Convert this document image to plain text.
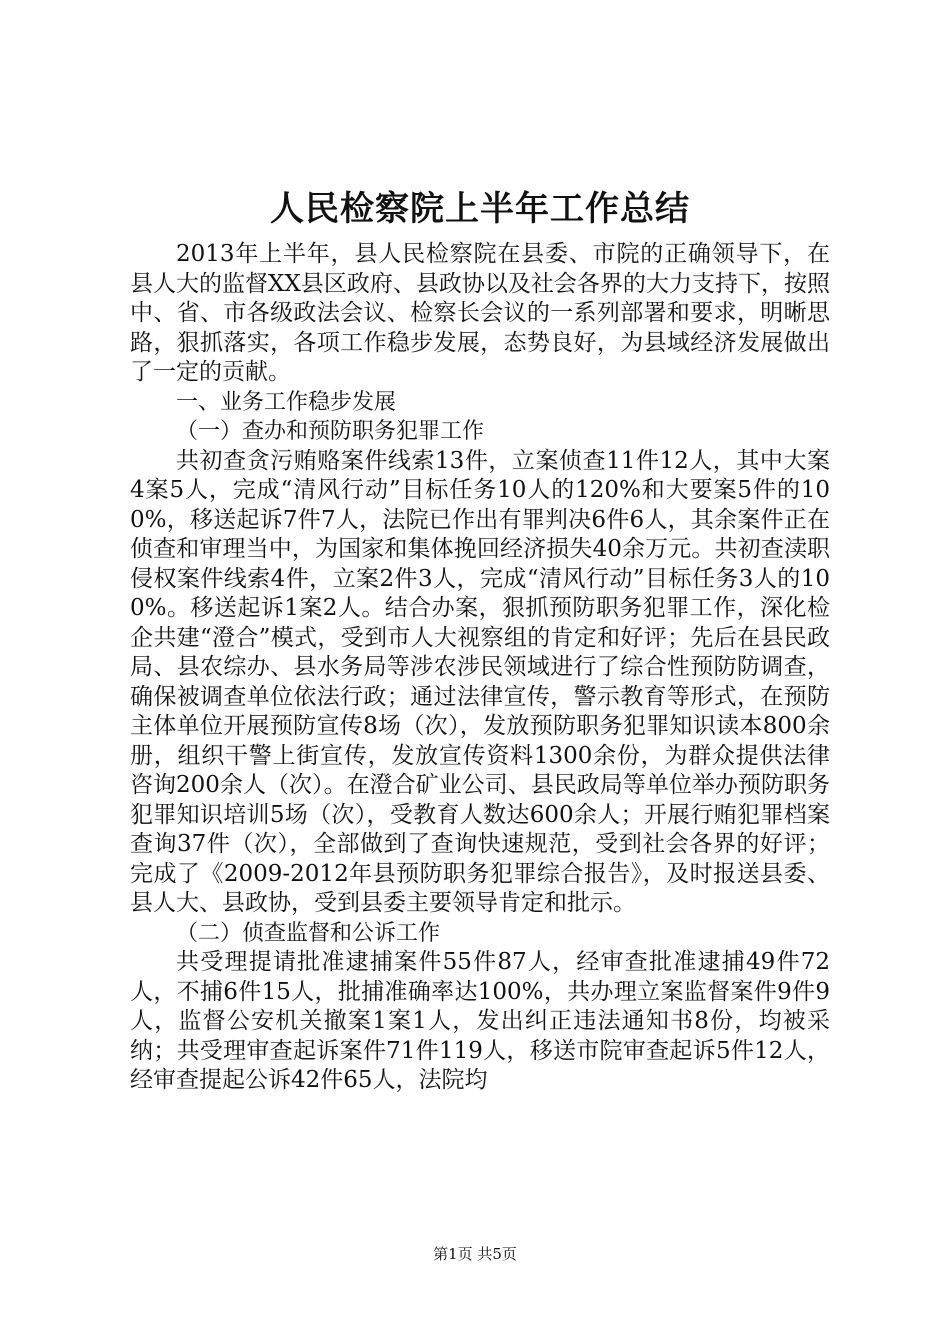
人民检察院上半年工作总结

2013年上半年，县人民检察院在县委、市院的正确领导下，在县人大的监督XX县区政府、县政协以及社会各界的大力支持下，按照中、省、市各级政法会议、检察长会议的一系列部署和要求，明晰思路，狠抓落实，各项工作稳步发展，态势良好，为县域经济发展做出了一定的贡献。

一、业务工作稳步发展

（一）查办和预防职务犯罪工作

共初查贪污贿赂案件线索13件，立案侦查11件12人，其中大案4案5人，完成“清风行动”目标任务10人的120%和大要案5件的100%，移送起诉7件7人，法院已作出有罪判决6件6人，其余案件正在侦查和审理当中，为国家和集体挽回经济损失40余万元。共初查渎职侵权案件线索4件，立案2件3人，完成“清风行动”目标任务3人的100%。移送起诉1案2人。结合办案，狠抓预防职务犯罪工作，深化检企共建“澄合”模式，受到市人大视察组的肯定和好评；先后在县民政局、县农综办、县水务局等涉农涉民领域进行了综合性预防防调查，确保被调查单位依法行政；通过法律宣传，警示教育等形式，在预防主体单位开展预防宣传8场（次），发放预防职务犯罪知识读本800余册，组织干警上街宣传，发放宣传资料1300余份，为群众提供法律咨询200余人（次）。在澄合矿业公司、县民政局等单位举办预防职务犯罪知识培训5场（次），受教育人数达600余人；开展行贿犯罪档案查询37件（次），全部做到了查询快速规范，受到社会各界的好评；完成了《2009-2012年县预防职务犯罪综合报告》，及时报送县委、县人大、县政协，受到县委主要领导肯定和批示。

（二）侦查监督和公诉工作

共受理提请批准逮捕案件55件87人，经审查批准逮捕49件72人，不捕6件15人，批捕准确率达100%，共办理立案监督案件9件9人，监督公安机关撤案1案1人，发出纠正违法通知书8份，均被采纳；共受理审查起诉案件71件119人，移送市院审查起诉5件12人，经审查提起公诉42件65人，法院均

第1页 共5页
